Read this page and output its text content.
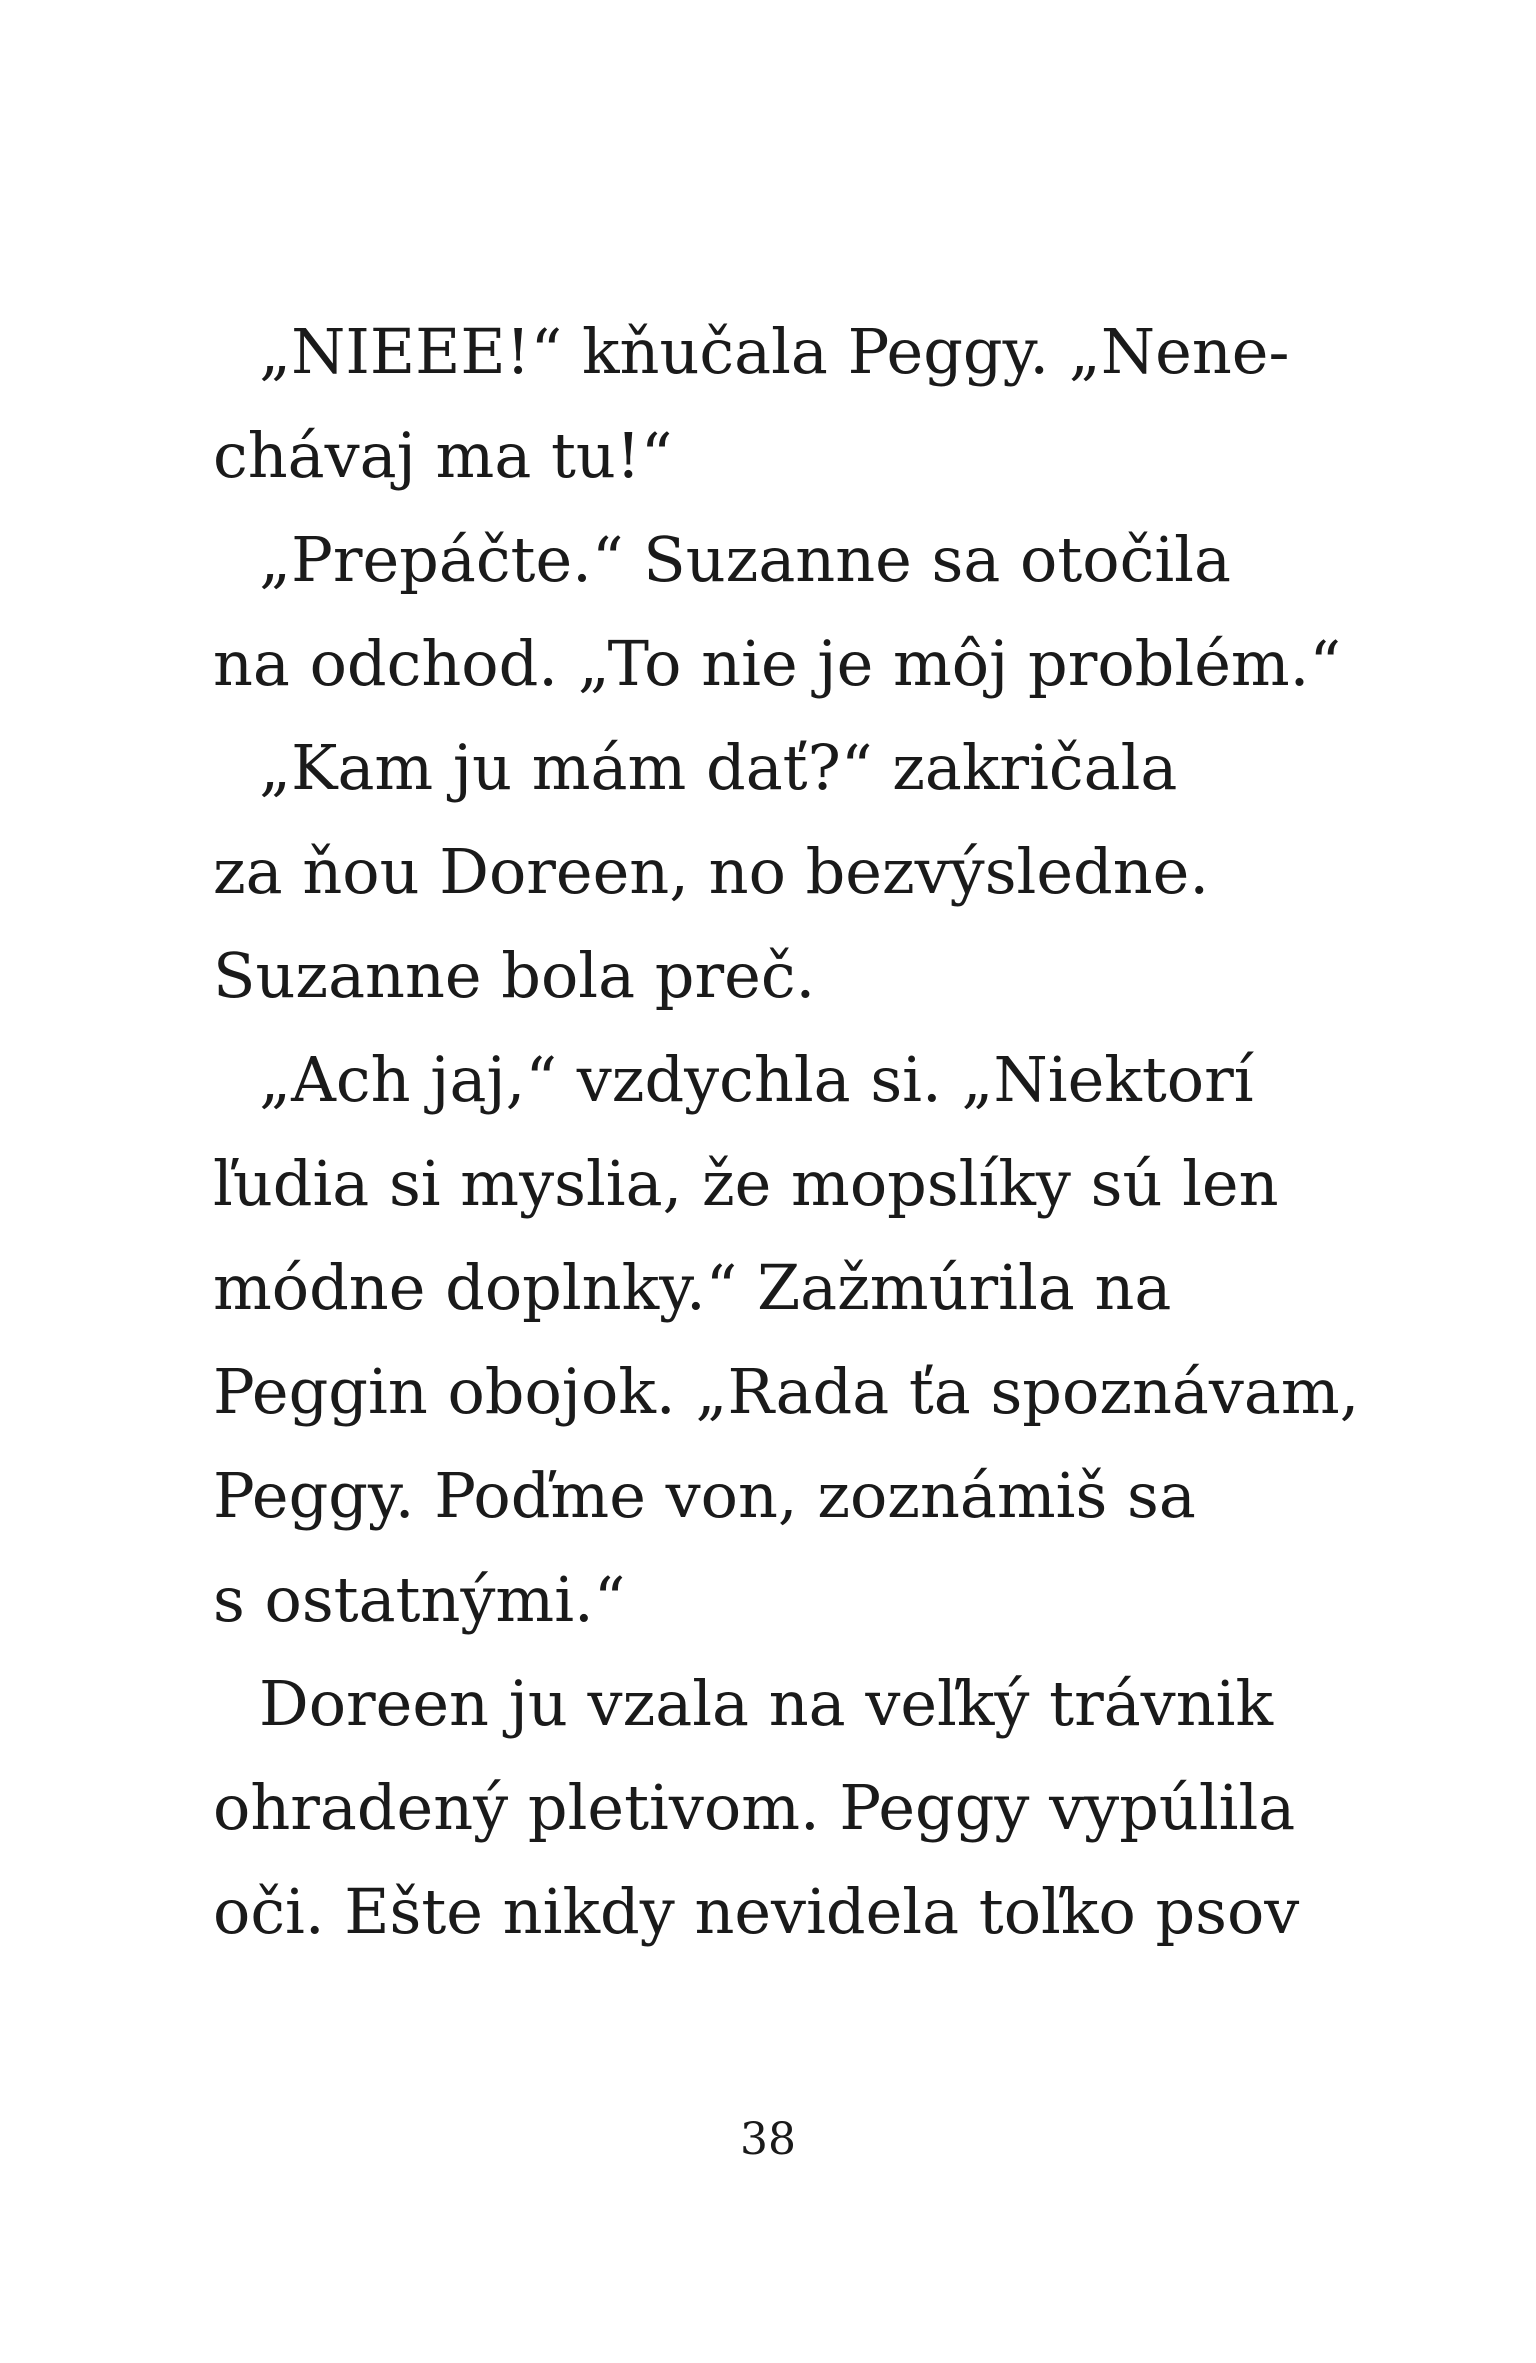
„NIEEE!“ kňučala Peggy. „Nene-
chávaj ma tu!“
„Prepáčte.“ Suzanne sa otočila
na odchod. „To nie je môj problém.“
„Kam ju mám dať?“ zakričala
za ňou Doreen, no bezvýsledne.
Suzanne bola preč.
„Ach jaj,“ vzdychla si. „Niektorí
ľudia si myslia, že mopslíky sú len
módne doplnky.“ Zažmúrila na
Peggin obojok. „Rada ťa spoznávam,
Peggy. Poďme von, zoznámiš sa
s ostatnými.“
Doreen ju vzala na veľký trávnik
ohradený pletivom. Peggy vypúlila
oči. Ešte nikdy nevidela toľko psov
38
